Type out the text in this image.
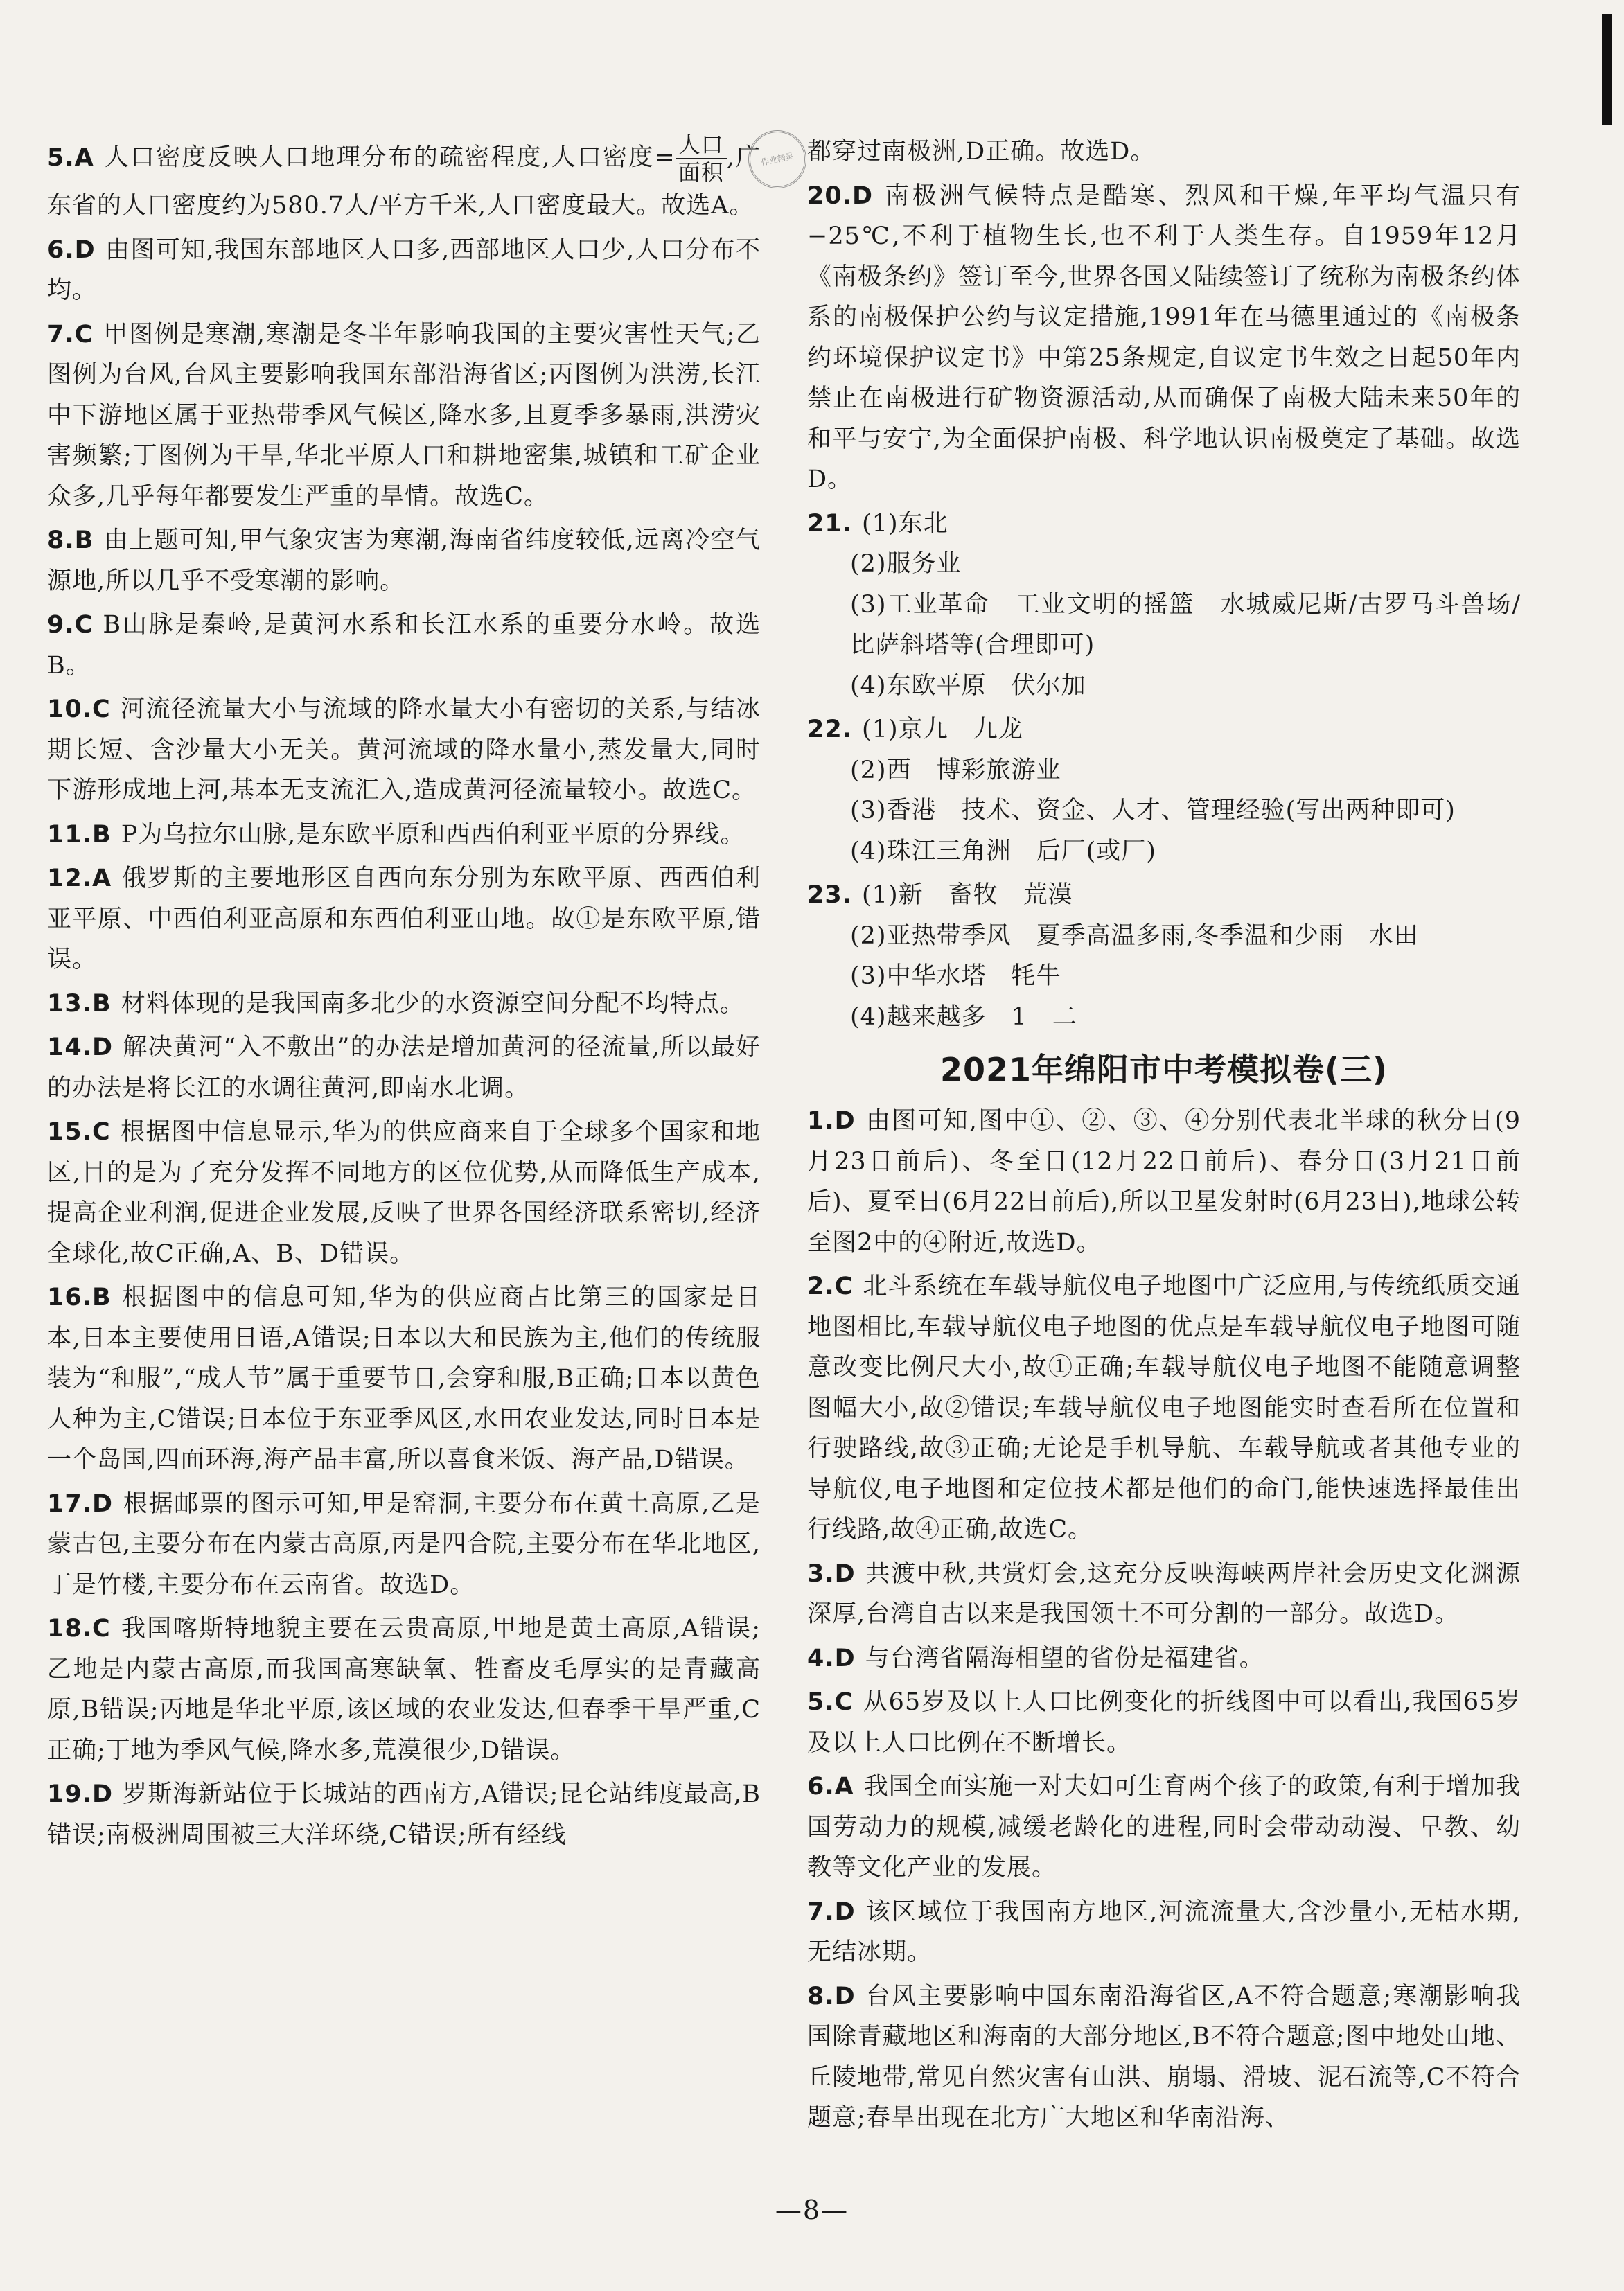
作业精灵
5.A 人口密度反映人口地理分布的疏密程度,人口密度= $\frac{\text{人口}}{\text{面积}}$ ,广东省的人口密度约为580.7人/平方千米,人口密度最大。故选A。
6.D 由图可知,我国东部地区人口多,西部地区人口少,人口分布不均。
7.C 甲图例是寒潮,寒潮是冬半年影响我国的主要灾害性天气;乙图例为台风,台风主要影响我国东部沿海省区;丙图例为洪涝,长江中下游地区属于亚热带季风气候区,降水多,且夏季多暴雨,洪涝灾害频繁;丁图例为干旱,华北平原人口和耕地密集,城镇和工矿企业众多,几乎每年都要发生严重的旱情。故选C。
8.B 由上题可知,甲气象灾害为寒潮,海南省纬度较低,远离冷空气源地,所以几乎不受寒潮的影响。
9.C B山脉是秦岭,是黄河水系和长江水系的重要分水岭。故选B。
10.C 河流径流量大小与流域的降水量大小有密切的关系,与结冰期长短、含沙量大小无关。黄河流域的降水量小,蒸发量大,同时下游形成地上河,基本无支流汇入,造成黄河径流量较小。故选C。
11.B P为乌拉尔山脉,是东欧平原和西西伯利亚平原的分界线。
12.A 俄罗斯的主要地形区自西向东分别为东欧平原、西西伯利亚平原、中西伯利亚高原和东西伯利亚山地。故①是东欧平原,错误。
13.B 材料体现的是我国南多北少的水资源空间分配不均特点。
14.D 解决黄河“入不敷出”的办法是增加黄河的径流量,所以最好的办法是将长江的水调往黄河,即南水北调。
15.C 根据图中信息显示,华为的供应商来自于全球多个国家和地区,目的是为了充分发挥不同地方的区位优势,从而降低生产成本,提高企业利润,促进企业发展,反映了世界各国经济联系密切,经济全球化,故C正确,A、B、D错误。
16.B 根据图中的信息可知,华为的供应商占比第三的国家是日本,日本主要使用日语,A错误;日本以大和民族为主,他们的传统服装为“和服”,“成人节”属于重要节日,会穿和服,B正确;日本以黄色人种为主,C错误;日本位于东亚季风区,水田农业发达,同时日本是一个岛国,四面环海,海产品丰富,所以喜食米饭、海产品,D错误。
17.D 根据邮票的图示可知,甲是窑洞,主要分布在黄土高原,乙是蒙古包,主要分布在内蒙古高原,丙是四合院,主要分布在华北地区,丁是竹楼,主要分布在云南省。故选D。
18.C 我国喀斯特地貌主要在云贵高原,甲地是黄土高原,A错误;乙地是内蒙古高原,而我国高寒缺氧、牲畜皮毛厚实的是青藏高原,B错误;丙地是华北平原,该区域的农业发达,但春季干旱严重,C正确;丁地为季风气候,降水多,荒漠很少,D错误。
19.D 罗斯海新站位于长城站的西南方,A错误;昆仑站纬度最高,B错误;南极洲周围被三大洋环绕,C错误;所有经线
都穿过南极洲,D正确。故选D。
20.D 南极洲气候特点是酷寒、烈风和干燥,年平均气温只有−25℃,不利于植物生长,也不利于人类生存。自1959年12月《南极条约》签订至今,世界各国又陆续签订了统称为南极条约体系的南极保护公约与议定措施,1991年在马德里通过的《南极条约环境保护议定书》中第25条规定,自议定书生效之日起50年内禁止在南极进行矿物资源活动,从而确保了南极大陆未来50年的和平与安宁,为全面保护南极、科学地认识南极奠定了基础。故选D。
21. (1)东北
(2)服务业
(3)工业革命　工业文明的摇篮　水城威尼斯/古罗马斗兽场/比萨斜塔等(合理即可)
(4)东欧平原　伏尔加
22. (1)京九　九龙
(2)西　博彩旅游业
(3)香港　技术、资金、人才、管理经验(写出两种即可)
(4)珠江三角洲　后厂(或厂)
23. (1)新　畜牧　荒漠
(2)亚热带季风　夏季高温多雨,冬季温和少雨　水田
(3)中华水塔　牦牛
(4)越来越多　1　二
2021年绵阳市中考模拟卷(三)
1.D 由图可知,图中①、②、③、④分别代表北半球的秋分日(9月23日前后)、冬至日(12月22日前后)、春分日(3月21日前后)、夏至日(6月22日前后),所以卫星发射时(6月23日),地球公转至图2中的④附近,故选D。
2.C 北斗系统在车载导航仪电子地图中广泛应用,与传统纸质交通地图相比,车载导航仪电子地图的优点是车载导航仪电子地图可随意改变比例尺大小,故①正确;车载导航仪电子地图不能随意调整图幅大小,故②错误;车载导航仪电子地图能实时查看所在位置和行驶路线,故③正确;无论是手机导航、车载导航或者其他专业的导航仪,电子地图和定位技术都是他们的命门,能快速选择最佳出行线路,故④正确,故选C。
3.D 共渡中秋,共赏灯会,这充分反映海峡两岸社会历史文化渊源深厚,台湾自古以来是我国领土不可分割的一部分。故选D。
4.D 与台湾省隔海相望的省份是福建省。
5.C 从65岁及以上人口比例变化的折线图中可以看出,我国65岁及以上人口比例在不断增长。
6.A 我国全面实施一对夫妇可生育两个孩子的政策,有利于增加我国劳动力的规模,减缓老龄化的进程,同时会带动动漫、早教、幼教等文化产业的发展。
7.D 该区域位于我国南方地区,河流流量大,含沙量小,无枯水期,无结冰期。
8.D 台风主要影响中国东南沿海省区,A不符合题意;寒潮影响我国除青藏地区和海南的大部分地区,B不符合题意;图中地处山地、丘陵地带,常见自然灾害有山洪、崩塌、滑坡、泥石流等,C不符合题意;春旱出现在北方广大地区和华南沿海、
—8—
